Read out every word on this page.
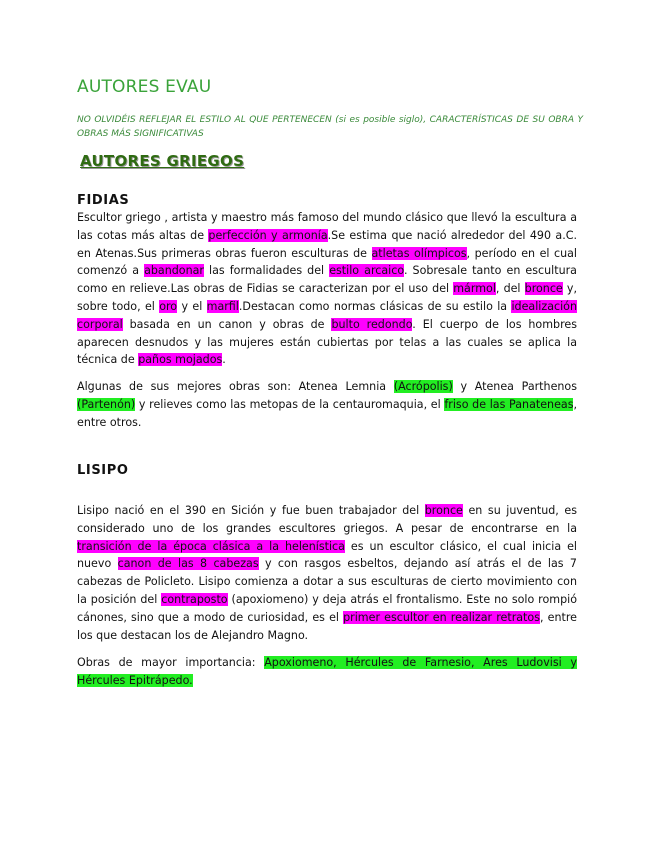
AUTORES EVAU

NO OLVIDÉIS REFLEJAR EL ESTILO AL QUE PERTENECEN (si es posible siglo), CARACTERÍSTICAS DE SU OBRA Y OBRAS MÁS SIGNIFICATIVAS

AUTORES GRIEGOS
FIDIAS

Escultor griego , artista y maestro más famoso del mundo clásico que llevó la escultura a las cotas más altas de perfección y armonía.Se estima que nació alrededor del 490 a.C. en Atenas.Sus primeras obras fueron esculturas de atletas olímpicos, período en el cual comenzó a abandonar las formalidades del estilo arcaico. Sobresale tanto en escultura como en relieve.Las obras de Fidias se caracterizan por el uso del mármol, del bronce y, sobre todo, el oro y el marfil.Destacan como normas clásicas de su estilo la idealización corporal basada en un canon y obras de bulto redondo. El cuerpo de los hombres aparecen desnudos y las mujeres están cubiertas por telas a las cuales se aplica la técnica de paños mojados.

Algunas de sus mejores obras son: Atenea Lemnia (Acrópolis) y Atenea Parthenos (Partenón) y relieves como las metopas de la centauromaquia, el friso de las Panateneas, entre otros.

LISIPO

Lisipo nació en el 390 en Sición y fue buen trabajador del bronce en su juventud, es considerado uno de los grandes escultores griegos. A pesar de encontrarse en la transición de la época clásica a la helenística es un escultor clásico, el cual inicia el nuevo canon de las 8 cabezas y con rasgos esbeltos, dejando así atrás el de las 7 cabezas de Policleto. Lisipo comienza a dotar a sus esculturas de cierto movimiento con la posición del contraposto (apoxiomeno) y deja atrás el frontalismo. Este no solo rompió cánones, sino que a modo de curiosidad, es el primer escultor en realizar retratos, entre los que destacan los de Alejandro Magno.

Obras de mayor importancia: Apoxiomeno, Hércules de Farnesio, Ares Ludovisi y Hércules Epitrápedo.
